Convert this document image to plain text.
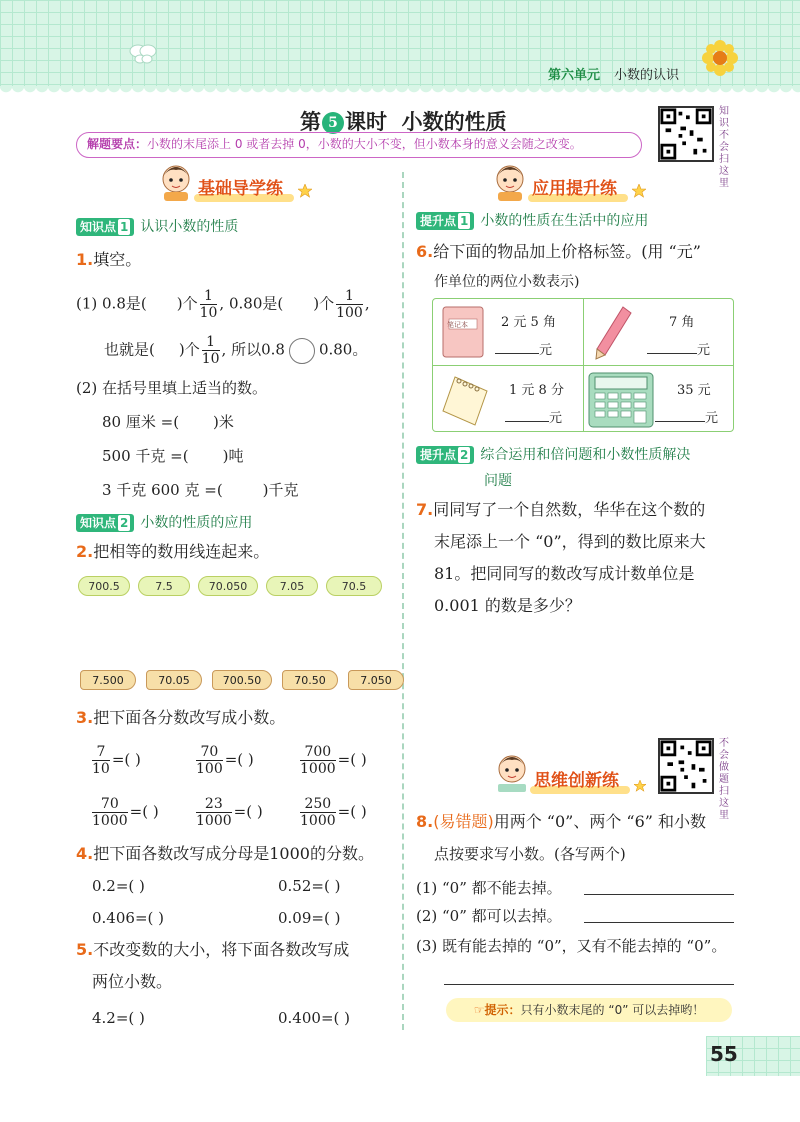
第六单元 小数的认识
第 5 课时 小数的性质
解题要点：小数的末尾添上 0 或者去掉 0，小数的大小不变，但小数本身的意义会随之改变。
知识不会扫这里
基础导学练
知识点 1 认识小数的性质
1.填空。
(1) 0.8是( )个 $\frac{1}{10}$ , 0.80是( )个 $\frac{1}{100}$ ,
也就是( )个 $\frac{1}{10}$ , 所以0.8 0.80。
(2) 在括号里填上适当的数。
80 厘米 =( )米
500 千克 =( )吨
3 千克 600 克 =(	)千克
知识点 2 小数的性质的应用
2.把相等的数用线连起来。
700.5	7.5	70.050	7.05	70.5
7.500	70.05	700.50	70.50	7.050
3.把下面各分数改写成小数。
$\frac{7}{10}$ =( )	$\frac{70}{100}$ =( )	$\frac{700}{1000}$ =( )
$\frac{70}{1000}$ =( )	$\frac{23}{1000}$ =( )	$\frac{250}{1000}$ =( )
4.把下面各数改写成分母是1000的分数。
0.2=( )	0.52=( )
0.406=( )	0.09=( )
5.不改变数的大小，将下面各数改写成
两位小数。
4.2=( )	0.400=( )
应用提升练
提升点 1 小数的性质在生活中的应用
6.给下面的物品加上价格标签。(用 “元”
作单位的两位小数表示)
笔记本	2 元 5 角
元
7 角
元
1 元 8 分
元
35 元
元
提升点 2 综合运用和倍问题和小数性质解决
问题
7.同同写了一个自然数，华华在这个数的
末尾添上一个 “0”，得到的数比原来大
81。把同同写的数改写成计数单位是
0.001 的数是多少？
思维创新练
不会做题扫这里
8.(易错题)用两个 “0”、两个 “6” 和小数
点按要求写小数。(各写两个)
(1) “0” 都不能去掉。
(2) “0” 都可以去掉。
(3) 既有能去掉的 “0”，又有不能去掉的 “0”。
☞提示：只有小数末尾的 “0” 可以去掉哟！
55
